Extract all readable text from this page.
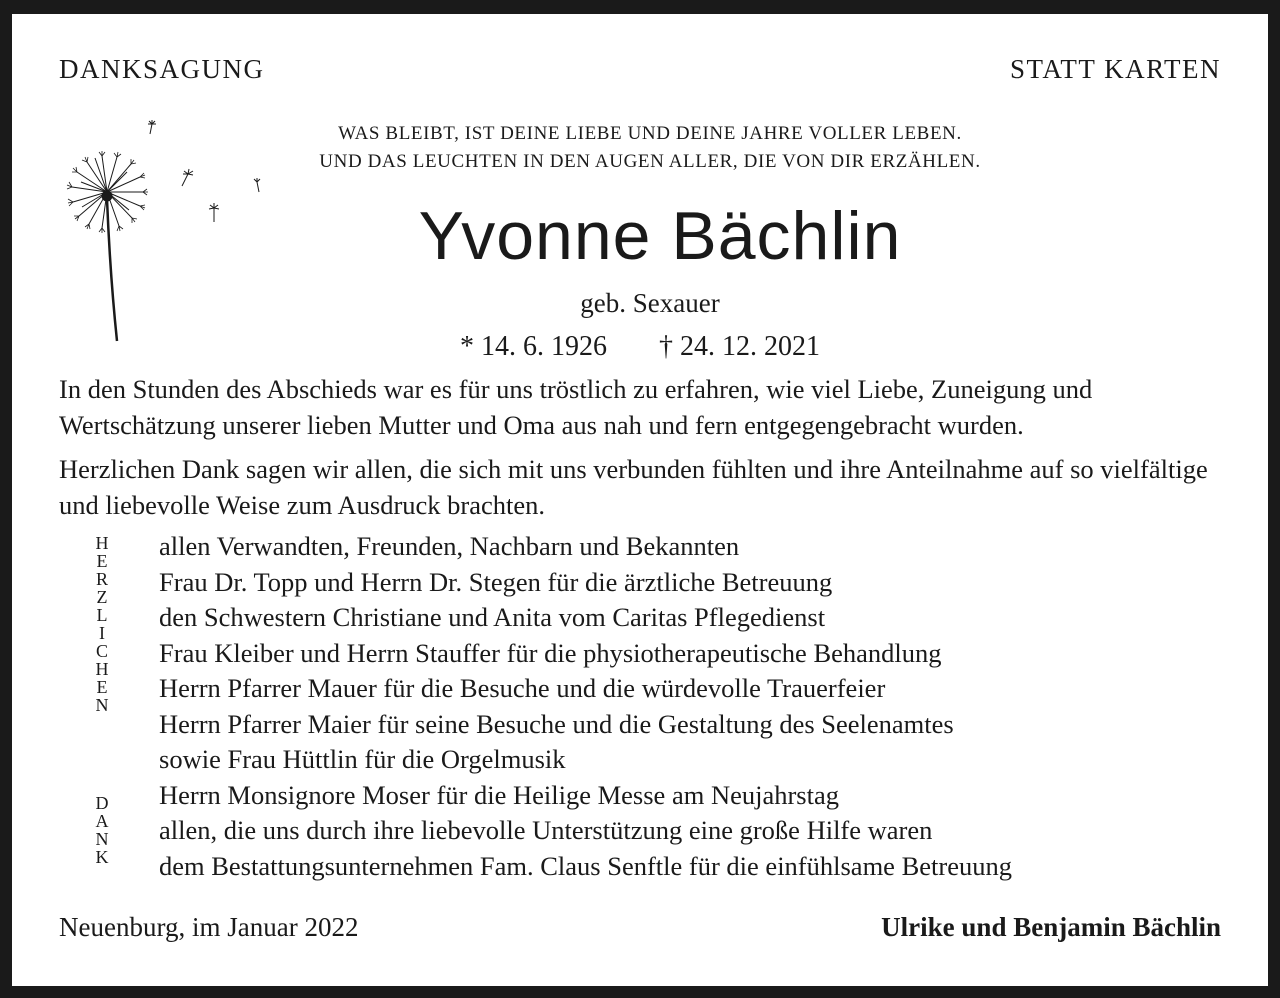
DANKSAGUNG	STATT KARTEN
WAS BLEIBT, IST DEINE LIEBE UND DEINE JAHRE VOLLER LEBEN.
UND DAS LEUCHTEN IN DEN AUGEN ALLER, DIE VON DIR ERZÄHLEN.
Yvonne Bächlin
geb. Sexauer
* 14. 6. 1926 † 24. 12. 2021
In den Stunden des Abschieds war es für uns tröstlich zu erfahren, wie viel Liebe, Zuneigung und Wertschätzung unserer lieben Mutter und Oma aus nah und fern entgegengebracht wurden.
Herzlichen Dank sagen wir allen, die sich mit uns verbunden fühlten und ihre Anteilnahme auf so vielfältige und liebevolle Weise zum Ausdruck brachten.
H
E
R
Z
L
I
C
H
E
N
D
A
N
K
allen Verwandten, Freunden, Nachbarn und Bekannten
Frau Dr. Topp und Herrn Dr. Stegen für die ärztliche Betreuung
den Schwestern Christiane und Anita vom Caritas Pflegedienst
Frau Kleiber und Herrn Stauffer für die physiotherapeutische Behandlung
Herrn Pfarrer Mauer für die Besuche und die würdevolle Trauerfeier
Herrn Pfarrer Maier für seine Besuche und die Gestaltung des Seelenamtes
sowie Frau Hüttlin für die Orgelmusik
Herrn Monsignore Moser für die Heilige Messe am Neujahrstag
allen, die uns durch ihre liebevolle Unterstützung eine große Hilfe waren
dem Bestattungsunternehmen Fam. Claus Senftle für die einfühlsame Betreuung
Neuenburg, im Januar 2022	Ulrike und Benjamin Bächlin
